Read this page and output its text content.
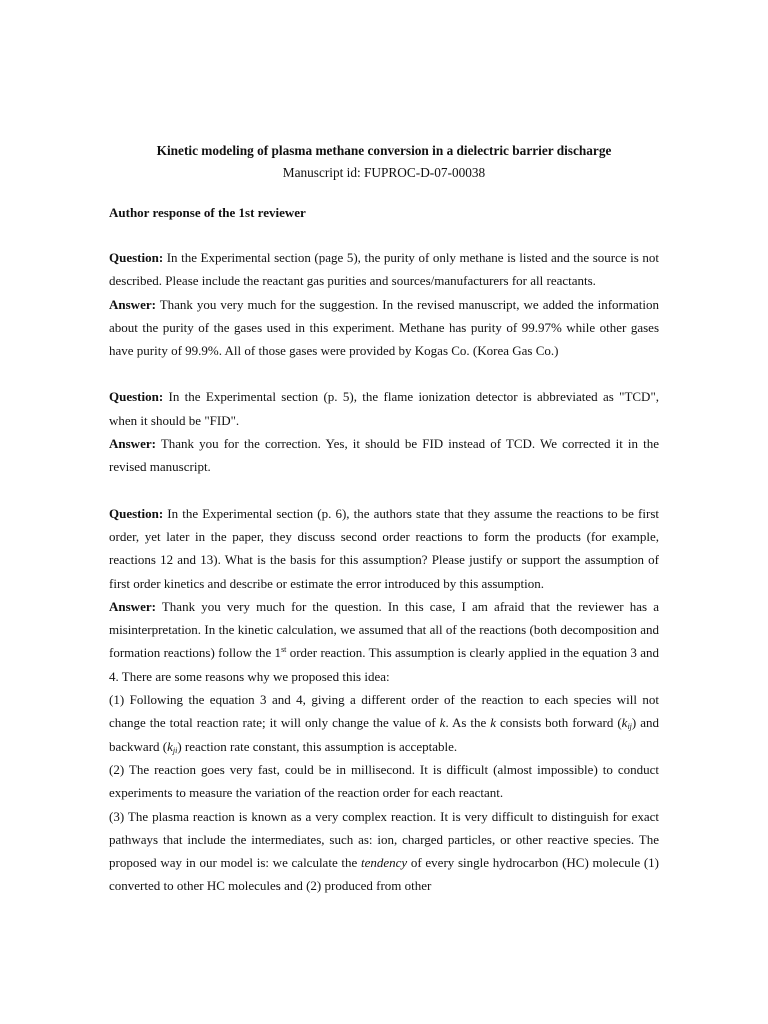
Kinetic modeling of plasma methane conversion in a dielectric barrier discharge

Manuscript id: FUPROC-D-07-00038

Author response of the 1st reviewer

Question: In the Experimental section (page 5), the purity of only methane is listed and the source is not described. Please include the reactant gas purities and sources/manufacturers for all reactants.

Answer: Thank you very much for the suggestion. In the revised manuscript, we added the information about the purity of the gases used in this experiment. Methane has purity of 99.97% while other gases have purity of 99.9%. All of those gases were provided by Kogas Co. (Korea Gas Co.)

Question: In the Experimental section (p. 5), the flame ionization detector is abbreviated as "TCD", when it should be "FID".

Answer: Thank you for the correction. Yes, it should be FID instead of TCD. We corrected it in the revised manuscript.

Question: In the Experimental section (p. 6), the authors state that they assume the reactions to be first order, yet later in the paper, they discuss second order reactions to form the products (for example, reactions 12 and 13). What is the basis for this assumption? Please justify or support the assumption of first order kinetics and describe or estimate the error introduced by this assumption.

Answer: Thank you very much for the question. In this case, I am afraid that the reviewer has a misinterpretation. In the kinetic calculation, we assumed that all of the reactions (both decomposition and formation reactions) follow the 1st order reaction. This assumption is clearly applied in the equation 3 and 4. There are some reasons why we proposed this idea:

(1) Following the equation 3 and 4, giving a different order of the reaction to each species will not change the total reaction rate; it will only change the value of k. As the k consists both forward $(k_{ij})$ and backward $(k_{ji})$ reaction rate constant, this assumption is acceptable.

(2) The reaction goes very fast, could be in millisecond. It is difficult (almost impossible) to conduct experiments to measure the variation of the reaction order for each reactant.

(3) The plasma reaction is known as a very complex reaction. It is very difficult to distinguish for exact pathways that include the intermediates, such as: ion, charged particles, or other reactive species. The proposed way in our model is: we calculate the tendency of every single hydrocarbon (HC) molecule (1) converted to other HC molecules and (2) produced from other
